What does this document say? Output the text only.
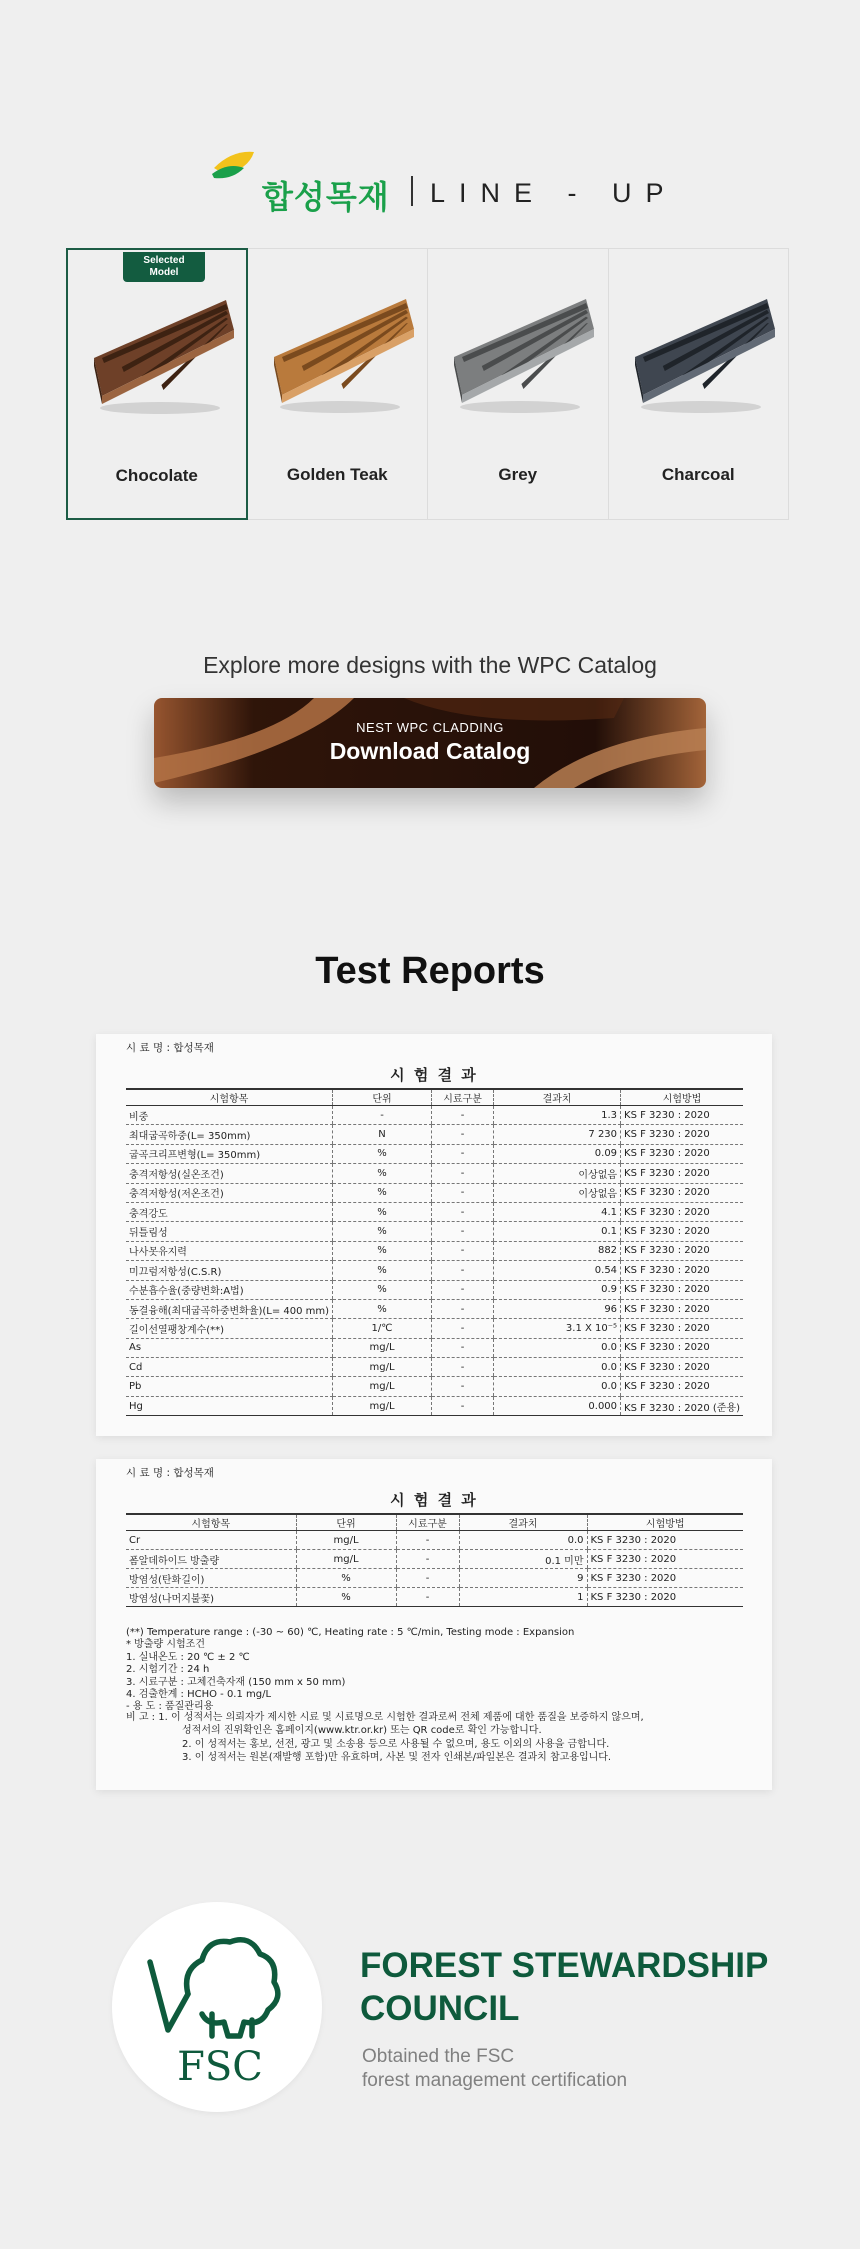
합성목재 LINE - UP
Selected
Model
Chocolate	Golden Teak	Grey	Charcoal
Explore more designs with the WPC Catalog
NEST WPC CLADDING
Download Catalog
Test Reports
시 료 명 : 합성목재
시 험 결 과
시험항목	단위	시료구분	결과치	시험방법
비중	-	-	1.3	KS F 3230 : 2020
최대굽곡하중(L= 350mm)	N	-	7 230	KS F 3230 : 2020
굽곡크리프변형(L= 350mm)	%	-	0.09	KS F 3230 : 2020
충격저항성(실온조건)	%	-	이상없음	KS F 3230 : 2020
충격저항성(저온조건)	%	-	이상없음	KS F 3230 : 2020
충격강도	%	-	4.1	KS F 3230 : 2020
뒤틀림성	%	-	0.1	KS F 3230 : 2020
나사못유지력	%	-	882	KS F 3230 : 2020
미끄럼저항성(C.S.R)	%	-	0.54	KS F 3230 : 2020
수분흡수율(중량변화:A법)	%	-	0.9	KS F 3230 : 2020
동결융해(최대굽곡하중변화율)(L= 400 mm)	%	-	96	KS F 3230 : 2020
길이선열팽창계수(**)	1/℃	-	3.1 X 10⁻⁵	KS F 3230 : 2020
As	mg/L	-	0.0	KS F 3230 : 2020
Cd	mg/L	-	0.0	KS F 3230 : 2020
Pb	mg/L	-	0.0	KS F 3230 : 2020
Hg	mg/L	-	0.000	KS F 3230 : 2020 (준용)
시 료 명 : 합성목재
시 험 결 과
시험항목	단위	시료구분	결과치	시험방법
Cr	mg/L	-	0.0	KS F 3230 : 2020
폼알데하이드 방출량	mg/L	-	0.1 미만	KS F 3230 : 2020
방염성(탄화길이)	%	-	9	KS F 3230 : 2020
방염성(나머지불꽃)	%	-	1	KS F 3230 : 2020
(**) Temperature range : (-30 ~ 60) ℃, Heating rate : 5 ℃/min, Testing mode : Expansion
* 방출량 시험조건
1. 실내온도 : 20 ℃ ± 2 ℃
2. 시험기간 : 24 h
3. 시료구분 : 고체건축자재 (150 mm x 50 mm)
4. 검출한계 : HCHO - 0.1 mg/L
- 용 도 : 품질관리용
비 고 : 1. 이 성적서는 의뢰자가 제시한 시료 및 시료명으로 시험한 결과로써 전체 제품에 대한 품질을 보증하지 않으며,
성적서의 진위확인은 홈페이지(www.ktr.or.kr) 또는 QR code로 확인 가능합니다.
2. 이 성적서는 홍보, 선전, 광고 및 소송용 등으로 사용될 수 없으며, 용도 이외의 사용을 금합니다.
3. 이 성적서는 원본(재발행 포함)만 유효하며, 사본 및 전자 인쇄본/파일본은 결과치 참고용입니다.
FSC
FOREST STEWARDSHIP
COUNCIL
Obtained the FSC
forest management certification
